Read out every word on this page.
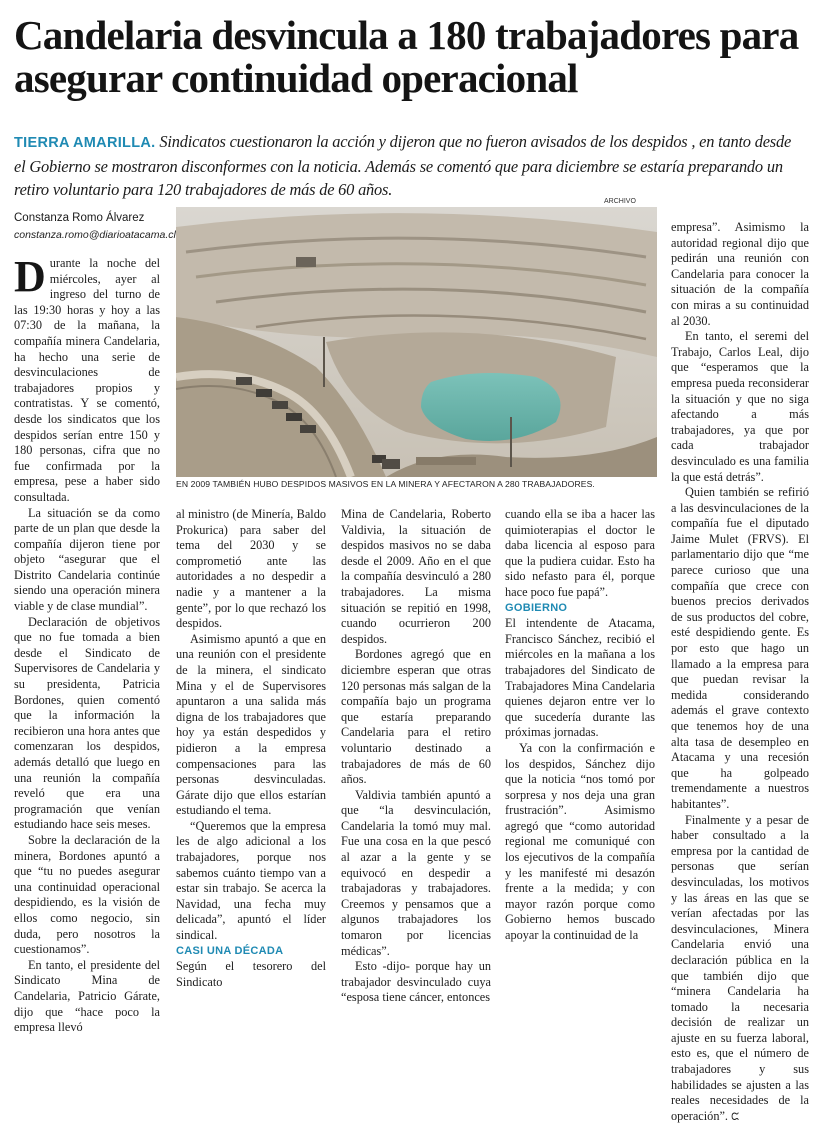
Candelaria desvincula a 180 trabajadores para asegurar continuidad operacional
TIERRA AMARILLA. Sindicatos cuestionaron la acción y dijeron que no fueron avisados de los despidos , en tanto desde el Gobierno se mostraron disconformes con la noticia. Además se comentó que para diciembre se estaría preparando un retiro voluntario para 120 trabajadores de más de 60 años.
Constanza Romo Álvarez
constanza.romo@diarioatacama.cl
ARCHIVO
EN 2009 TAMBIÉN HUBO DESPIDOS MASIVOS EN LA MINERA Y AFECTARON A 280 TRABAJADORES.

Durante la noche del miércoles, ayer al ingreso del turno de las 19:30 horas y hoy a las 07:30 de la mañana, la compañía minera Candelaria, ha hecho una serie de desvinculaciones de trabajadores propios y contratistas. Y se comentó, desde los sindicatos que los despidos serían entre 150 y 180 personas, cifra que no fue confirmada por la empresa, pese a haber sido consultada.

La situación se da como parte de un plan que desde la compañía dijeron tiene por objeto “asegurar que el Distrito Candelaria continúe siendo una operación minera viable y de clase mundial”.

Declaración de objetivos que no fue tomada a bien desde el Sindicato de Supervisores de Candelaria y su presidenta, Patricia Bordones, quien comentó que la información la recibieron una hora antes que comenzaran los despidos, además detalló que luego en una reunión la compañía reveló que era una programación que venían estudiando hace seis meses.

Sobre la declaración de la minera, Bordones apuntó a que “tu no puedes asegurar una continuidad operacional despidiendo, es la visión de ellos como negocio, sin duda, pero nosotros la cuestionamos”.

En tanto, el presidente del Sindicato Mina de Candelaria, Patricio Gárate, dijo que “hace poco la empresa llevó

al ministro (de Minería, Baldo Prokurica) para saber del tema del 2030 y se comprometió ante las autoridades a no despedir a nadie y a mantener a la gente”, por lo que rechazó los despidos.

Asimismo apuntó a que en una reunión con el presidente de la minera, el sindicato Mina y el de Supervisores apuntaron a una salida más digna de los trabajadores que hoy ya están despedidos y pidieron a la empresa compensaciones para las personas desvinculadas. Gárate dijo que ellos estarían estudiando el tema.

“Queremos que la empresa les de algo adicional a los trabajadores, porque nos sabemos cuánto tiempo van a estar sin trabajo. Se acerca la Navidad, una fecha muy delicada”, apuntó el líder sindical.

CASI UNA DÉCADA

Según el tesorero del Sindicato

Mina de Candelaria, Roberto Valdivia, la situación de despidos masivos no se daba desde el 2009. Año en el que la compañía desvinculó a 280 trabajadores. La misma situación se repitió en 1998, cuando ocurrieron 200 despidos.

Bordones agregó que en diciembre esperan que otras 120 personas más salgan de la compañía bajo un programa que estaría preparando Candelaria para el retiro voluntario destinado a trabajadores de más de 60 años.

Valdivia también apuntó a que “la desvinculación, Candelaria la tomó muy mal. Fue una cosa en la que pescó al azar a la gente y se equivocó en despedir a trabajadoras y trabajadores. Creemos y pensamos que a algunos trabajadores los tomaron por licencias médicas”.

Esto -dijo- porque hay un trabajador desvinculado cuya “esposa tiene cáncer, entonces

cuando ella se iba a hacer las quimioterapias el doctor le daba licencia al esposo para que la pudiera cuidar. Esto ha sido nefasto para él, porque hace poco fue papá”.

GOBIERNO

El intendente de Atacama, Francisco Sánchez, recibió el miércoles en la mañana a los trabajadores del Sindicato de Trabajadores Mina Candelaria quienes dejaron entre ver lo que sucedería durante las próximas jornadas.

Ya con la confirmación e los despidos, Sánchez dijo que la noticia “nos tomó por sorpresa y nos deja una gran frustración”. Asimismo agregó que “como autoridad regional me comuniqué con los ejecutivos de la compañía y les manifesté mi desazón frente a la medida; y con mayor razón porque como Gobierno hemos buscado apoyar la continuidad de la

empresa”. Asimismo la autoridad regional dijo que pedirán una reunión con Candelaria para conocer la situación de la compañía con miras a su continuidad al 2030.

En tanto, el seremi del Trabajo, Carlos Leal, dijo que “esperamos que la empresa pueda reconsiderar la situación y que no siga afectando a más trabajadores, ya que por cada trabajador desvinculado es una familia la que está detrás”.

Quien también se refirió a las desvinculaciones de la compañía fue el diputado Jaime Mulet (FRVS). El parlamentario dijo que “me parece curioso que una compañía que crece con buenos precios derivados de sus productos del cobre, esté despidiendo gente. Es por esto que hago un llamado a la empresa para que puedan revisar la medida considerando además el grave contexto que tenemos hoy de una alta tasa de desempleo en Atacama y una recesión que ha golpeado tremendamente a nuestros habitantes”.

Finalmente y a pesar de haber consultado a la empresa por la cantidad de personas que serían desvinculadas, los motivos y las áreas en las que se verían afectadas por las desvinculaciones, Minera Candelaria envió una declaración pública en la que también dijo que “minera Candelaria ha tomado la necesaria decisión de realizar un ajuste en su fuerza laboral, esto es, que el número de trabajadores y sus habilidades se ajusten a las reales necesidades de la operación”. ᙅ
